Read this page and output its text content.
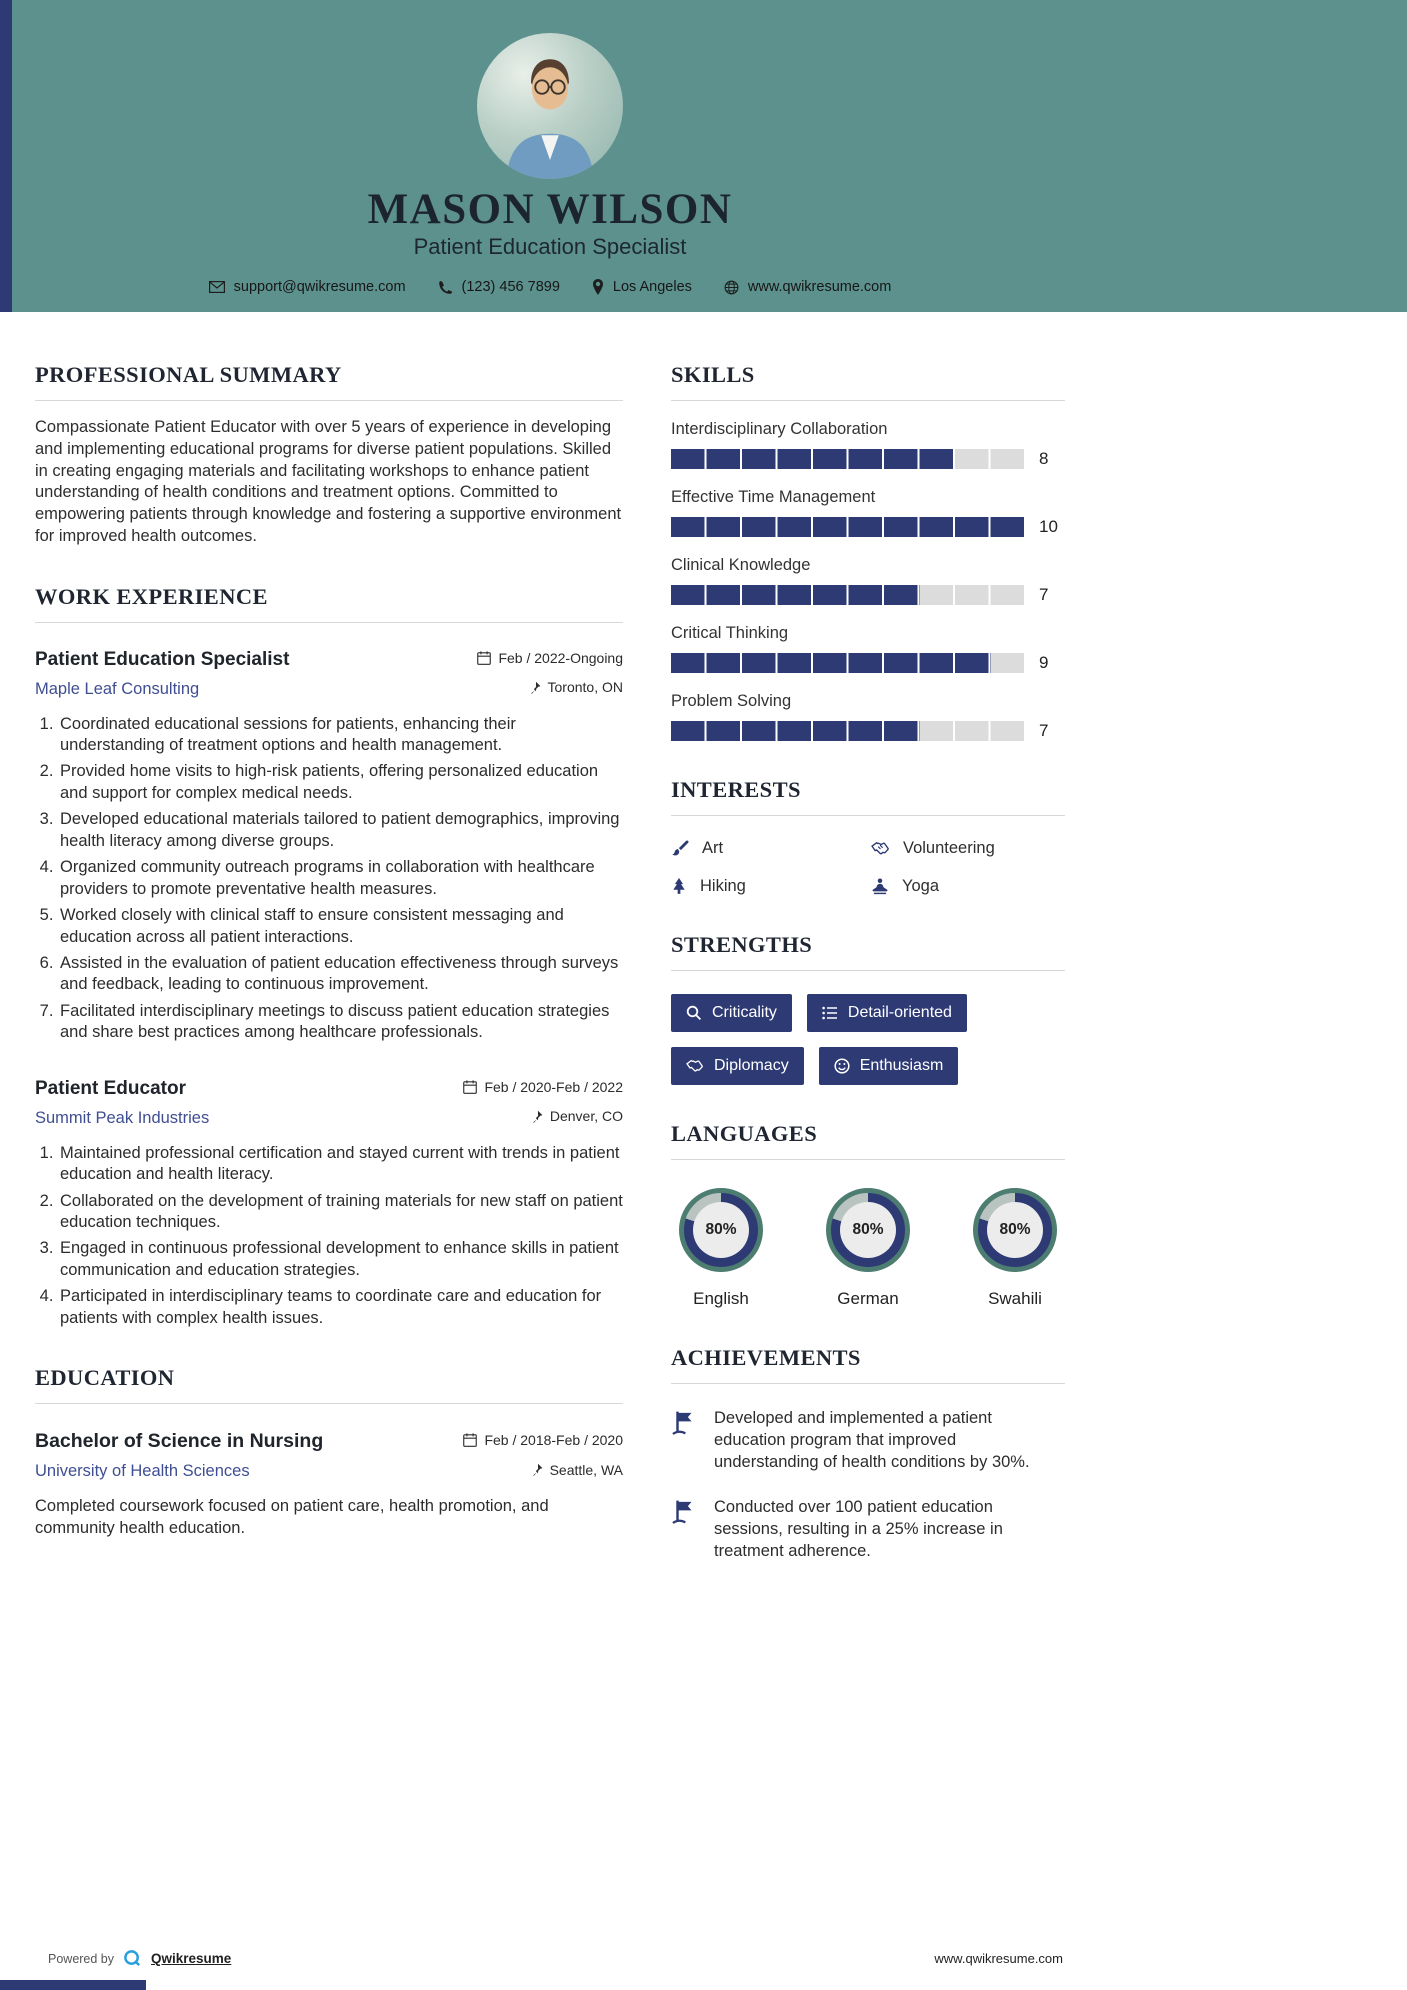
MASON WILSON
Patient Education Specialist
support@qwikresume.com	(123) 456 7899	Los Angeles	www.qwikresume.com
PROFESSIONAL SUMMARY

Compassionate Patient Educator with over 5 years of experience in developing and implementing educational programs for diverse patient populations. Skilled in creating engaging materials and facilitating workshops to enhance patient understanding of health conditions and treatment options. Committed to empowering patients through knowledge and fostering a supportive environment for improved health outcomes.

WORK EXPERIENCE
Patient Education Specialist	Feb / 2022-Ongoing
Maple Leaf Consulting	Toronto, ON
1. Coordinated educational sessions for patients, enhancing their understanding of treatment options and health management.
2. Provided home visits to high-risk patients, offering personalized education and support for complex medical needs.
3. Developed educational materials tailored to patient demographics, improving health literacy among diverse groups.
4. Organized community outreach programs in collaboration with healthcare providers to promote preventative health measures.
5. Worked closely with clinical staff to ensure consistent messaging and education across all patient interactions.
6. Assisted in the evaluation of patient education effectiveness through surveys and feedback, leading to continuous improvement.
7. Facilitated interdisciplinary meetings to discuss patient education strategies and share best practices among healthcare professionals.
Patient Educator	Feb / 2020-Feb / 2022
Summit Peak Industries	Denver, CO
1. Maintained professional certification and stayed current with trends in patient education and health literacy.
2. Collaborated on the development of training materials for new staff on patient education techniques.
3. Engaged in continuous professional development to enhance skills in patient communication and education strategies.
4. Participated in interdisciplinary teams to coordinate care and education for patients with complex health issues.
EDUCATION
Bachelor of Science in Nursing	Feb / 2018-Feb / 2020
University of Health Sciences	Seattle, WA

Completed coursework focused on patient care, health promotion, and community health education.

SKILLS
Interdisciplinary Collaboration
8
Effective Time Management
10
Clinical Knowledge
7
Critical Thinking
9
Problem Solving
7
INTERESTS
Art	Volunteering
Hiking	Yoga
STRENGTHS
Criticality	Detail-oriented
Diplomacy	Enthusiasm
LANGUAGES
80 %
English
80 %
German
80 %
Swahili
ACHIEVEMENTS

Developed and implemented a patient education program that improved understanding of health conditions by 30%.

Conducted over 100 patient education sessions, resulting in a 25% increase in treatment adherence.

Powered by	Qwikresume	www.qwikresume.com
